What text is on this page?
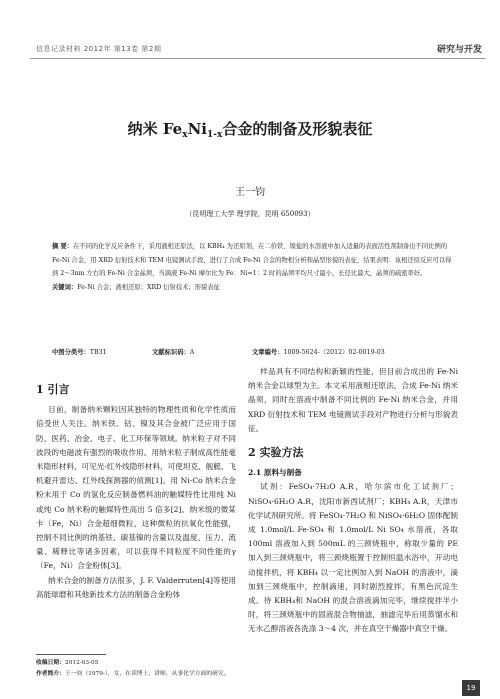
信息记录材料 2012年 第13卷 第2期	研究与开发
纳米 $Fe_xNi_{1-x}$合金的制备及形貌表征
王一钧
（昆明理工大学 理学院，昆明 650093）
摘 要：在不同的化学反应条件下，采用液相还原法，以 KBH₄ 为还原剂，在二价铁、镍盐的水溶液中加入适量的表面活性剂制备出不同比例的 Fe-Ni 合金，用 XRD 衍射技术和 TEM 电镜测试手段，进行了合成 Fe-Ni 合金的物相分析和晶型形貌的表征，结果表明：该相还原反应可以得到 2～3nm 左右的 Fe-Ni 合金晶须，当滴液 Fe-Ni 摩尔比为 Fe：Ni=1：2 时的晶须平均尺寸最小，长径比最大，晶须的疏密率好。
关键词：Fe-Ni 合金；液相还原；XRD 衍射技术；形貌表征
中图分类号：TB31	文献标识码：A	文章编号：1009-5624-（2012）02-0019-03
1 引言

目前，制备纳米颗粒因其独特的物理性质和化学性质而倍受世人关注。纳米铁、钴、镍及其合金被广泛应用于国防、医药、冶金、电子、化工环保等领域。纳米粒子对不同波段的电磁波有强烈的吸收作用。用纳米粒子制成高性能毫米隐形材料，可见光-红外线隐形材料，可使坦克、舰艇、飞机避开雷达、红外线探测器的侦测[1]。用 Ni-Co 纳米合金粉末用于 Co 的氢化反应制备燃料油的触媒特性比用纯 Ni 或纯 Co 纳米粉的触媒特性高出 5 倍多[2]。纳米级的微某卡（Fe，Ni）合金超细微粒，这种微粒的抗氧化性能强，控制不同比例的纳基铁、碳基镍的含量以及温度、压力、流量、稀释比等诸多因素，可以获得不同粒度不同性能的γ（Fe，Ni）合金粉体[3]。

纳米合金的制备方法很多，J. F. Valderruten[4]等使用高能球磨和其他新技术方法的制备合金粉体

样品具有不同结构和新颖的性能，但目前合成出的 Fe-Ni 纳米合金以球型为主。本文采用液相还原法，合成 Fe-Ni 纳米晶须，同时在溶液中制备不同比例的 Fe-Ni 纳米合金，并用 XRD 衍射技术和 TEM 电镜测试手段对产物进行分析与形貌表征。

2 实验方法
2.1 原料与制备

试剂：FeSO₄·7H₂O A.R，哈尔滨市化工试剂厂；NiSO₄·6H₂O A.R，沈阳市新西试剂厂；KBH₄ A.R，天津市化学试剂研究所。将 FeSO₄·7H₂O 和 NiSO₄·6H₂O 固体配制成 1.0mol/L Fe-SO₄ 和 1.0mol/L Ni SO₄ 水溶液，各取 100ml 溶液加入到 500mL 的三颈烧瓶中，称取少量的 PE 加入到三颈烧瓶中，将三颈烧瓶置于控制恒温水浴中，开动电动搅拌机，将 KBH₄ 以一定比例加入到 NaOH 的溶液中，滴加到三颈烧瓶中，控制滴速，同时剧烈搅拌，有黑色沉淀生成。待 KBH₄和 NaOH 的混合溶液滴加完毕，继续搅拌半小时，将三颈烧瓶中的固液混合物抽滤，抽滤完毕后用蒸馏水和无水乙醇溶液各洗涤 3～4 次，并在真空干燥器中真空干燥。

收稿日期：2012-03-05
作者简介：王一钧（1979-），女，在读博士，讲师，从事化学方面的研究。
19
